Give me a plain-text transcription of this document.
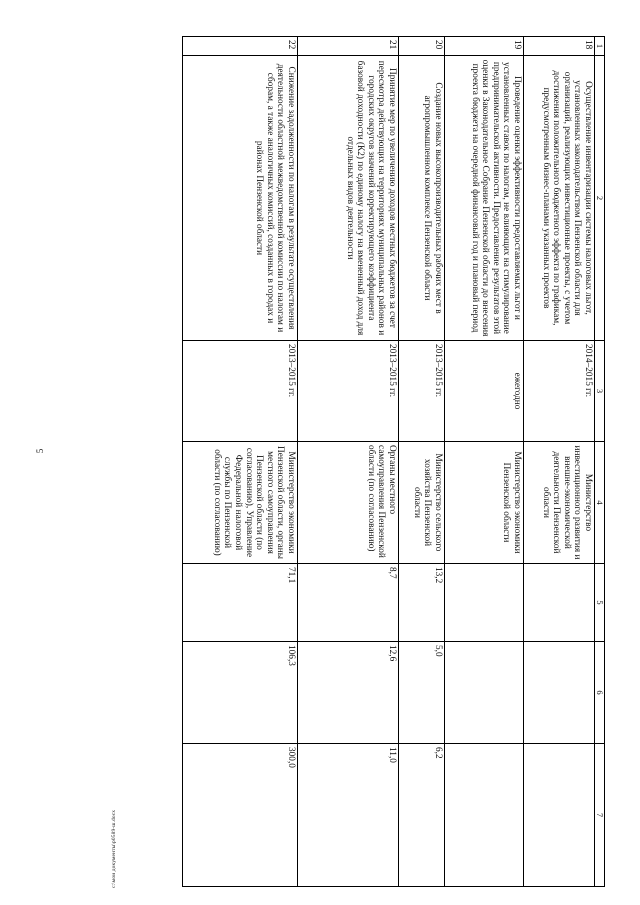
5
c:\мои документы\р0589-ш.docx
1	2	3	4	5	6	7
18	Осуществление инвентаризации системы налоговых льгот, установленных законодательством Пензенской области для организаций, реализующих инвестиционные проекты, с учетом достижения положительного бюджетного эффекта по графикам, предусмотренным бизнес-планами указанных проектов	2014–2015 гг.	Министерство инвестиционного развития и внешне-экономической деятельности Пензенской области			
19	Проведение оценки эффективности предоставляемых льгот и установленных ставок по налогам, не влияющих на стимулирование предпринимательской активности. Предоставление результатов этой оценки в Законодательное Собрание Пензенской области до внесения проекта бюджета на очередной финансовый год и плановый период	ежегодно	Министерство экономики Пензенской области			
20	Создание новых высокопроизводительных рабочих мест в агропромышленном комплексе Пензенской области	2013–2015 гг.	Министерство сельского хозяйства Пензенской области	13,2	5,0	6,2
21	Принятие мер по увеличению доходов местных бюджетов за счет пересмотра действующих на территориях муниципальных районов и городских округов значений корректирующего коэффициента базовой доходности (К2) по единому налогу на вмененный доход для отдельных видов деятельности	2013–2015 гг.	Органы местного самоуправления Пензенской области (по согласованию)	8,7	12,6	11,0
22	Снижение задолженности по налогам в результате осуществления деятельности областной межведомственной комиссии по налогам и сборам, а также аналогичных комиссий, созданных в городах и районах Пензенской области	2013–2015 гг.	Министерство экономики Пензенской области, органы местного самоуправления Пензенской области (по согласованию), Управление Федеральной налоговой службы по Пензенской области (по согласованию)	71,1	106,3	300,0
